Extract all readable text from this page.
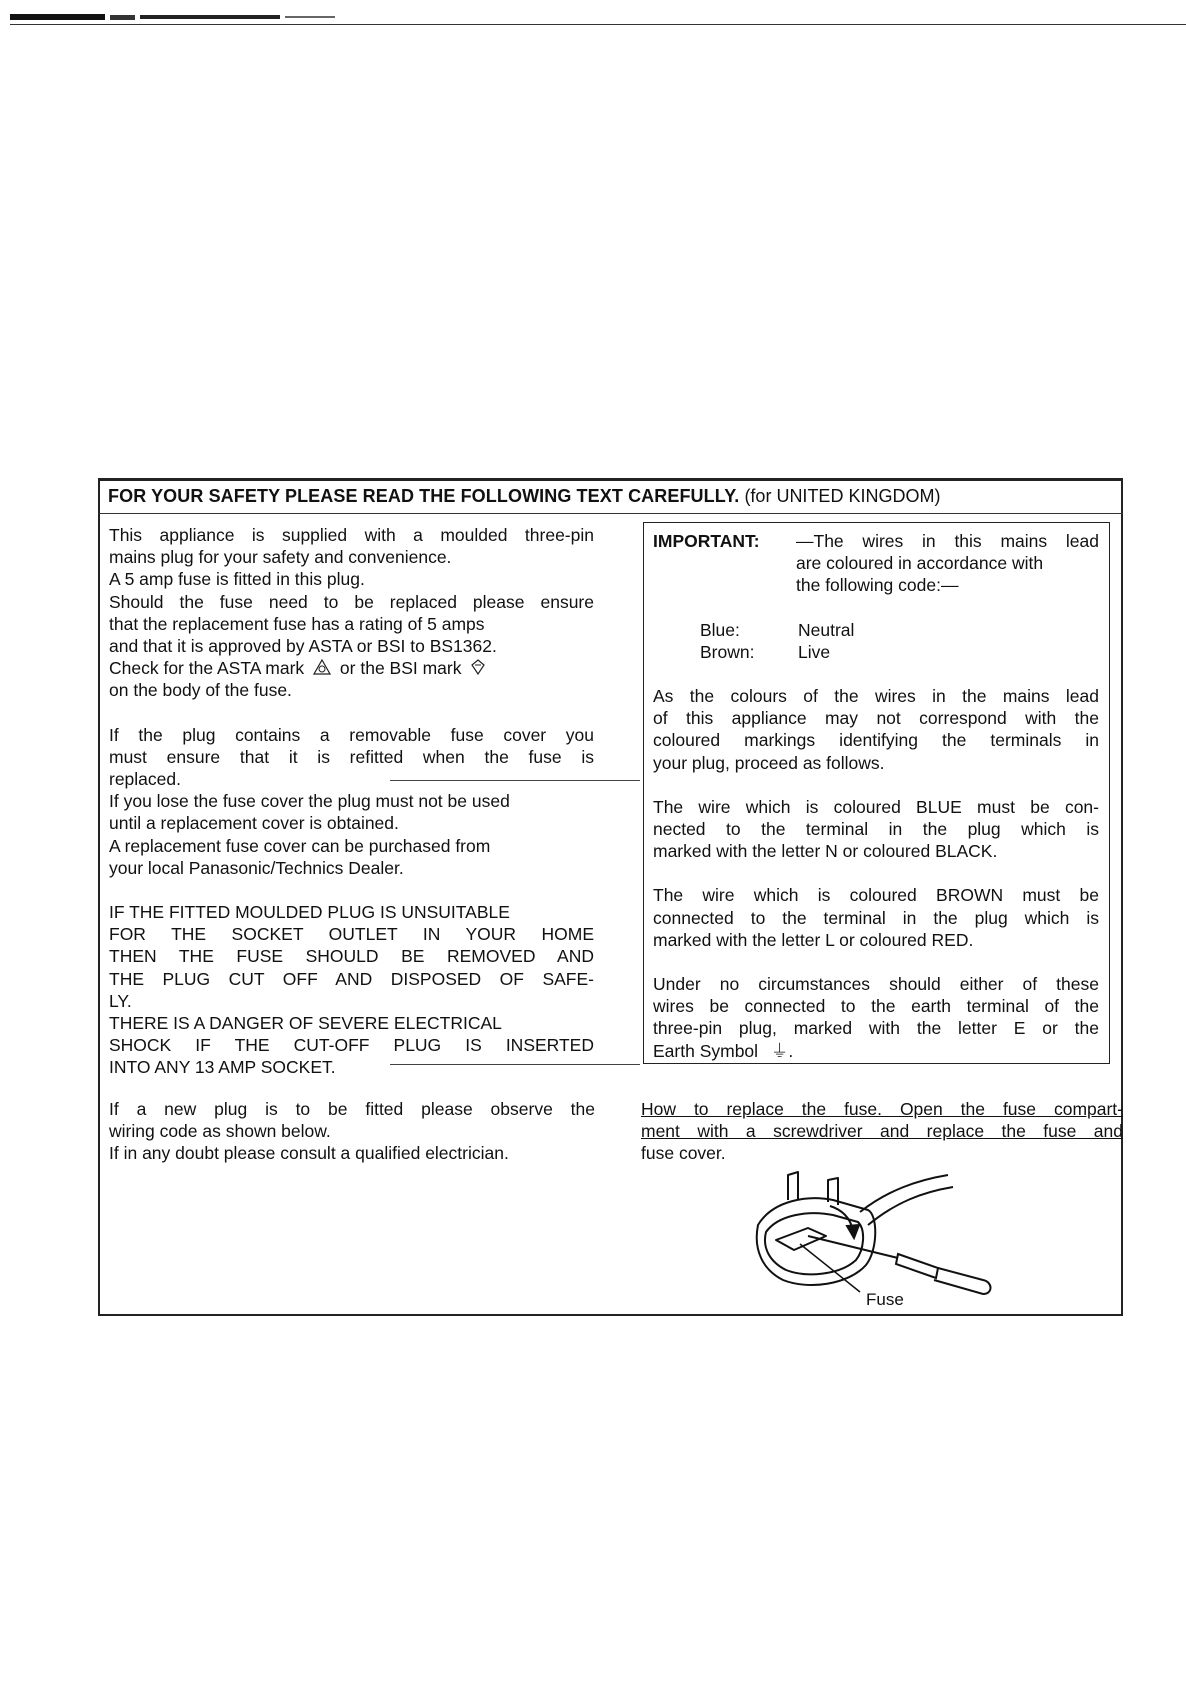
FOR YOUR SAFETY PLEASE READ THE FOLLOWING TEXT CAREFULLY. (for UNITED KINGDOM)

This appliance is supplied with a moulded three-pin

mains plug for your safety and convenience.

A 5 amp fuse is fitted in this plug.

Should the fuse need to be replaced please ensure

that the replacement fuse has a rating of 5 amps

and that it is approved by ASTA or BSI to BS1362.

Check for the ASTA mark or the BSI mark

on the body of the fuse.

If the plug contains a removable fuse cover you

must ensure that it is refitted when the fuse is

replaced.

If you lose the fuse cover the plug must not be used

until a replacement cover is obtained.

A replacement fuse cover can be purchased from

your local Panasonic/Technics Dealer.

IF THE FITTED MOULDED PLUG IS UNSUITABLE

FOR THE SOCKET OUTLET IN YOUR HOME

THEN THE FUSE SHOULD BE REMOVED AND

THE PLUG CUT OFF AND DISPOSED OF SAFE-

LY.

THERE IS A DANGER OF SEVERE ELECTRICAL

SHOCK IF THE CUT-OFF PLUG IS INSERTED

INTO ANY 13 AMP SOCKET.

IMPORTANT:	—The wires in this mains lead
are coloured in accordance with
the following code:—
Blue:	Neutral
Brown:	Live

As the colours of the wires in the mains lead

of this appliance may not correspond with the

coloured markings identifying the terminals in

your plug, proceed as follows.

The wire which is coloured BLUE must be con-

nected to the terminal in the plug which is

marked with the letter N or coloured BLACK.

The wire which is coloured BROWN must be

connected to the terminal in the plug which is

marked with the letter L or coloured RED.

Under no circumstances should either of these

wires be connected to the earth terminal of the

three-pin plug, marked with the letter E or the

Earth Symbol ⏚.

If a new plug is to be fitted please observe the

wiring code as shown below.

If in any doubt please consult a qualified electrician.

How to replace the fuse. Open the fuse compart-

ment with a screwdriver and replace the fuse and

fuse cover.

Fuse
